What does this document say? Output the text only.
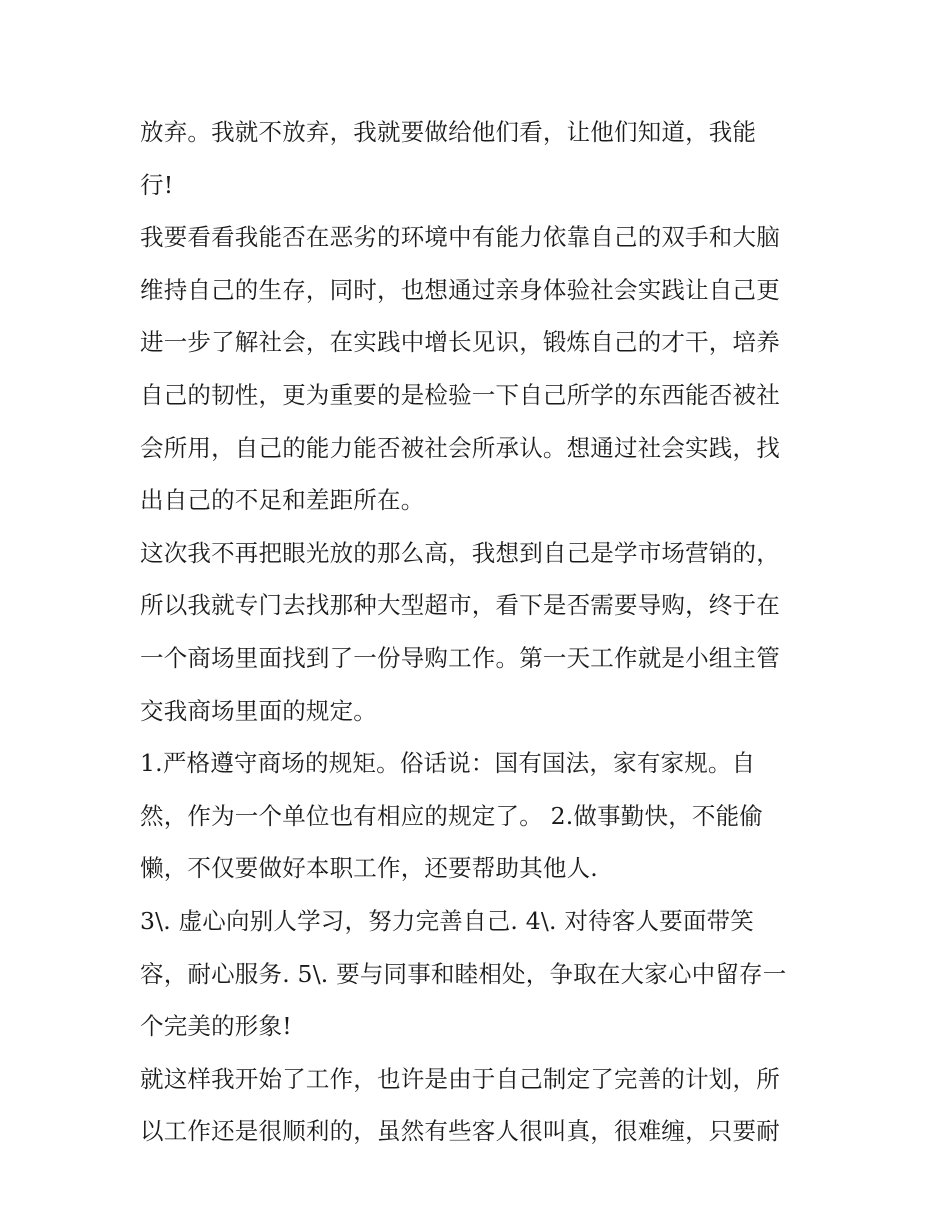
放弃。我就不放弃，我就要做给他们看，让他们知道，我能
行!
我要看看我能否在恶劣的环境中有能力依靠自己的双手和大脑
维持自己的生存，同时，也想通过亲身体验社会实践让自己更
进一步了解社会，在实践中增长见识，锻炼自己的才干，培养
自己的韧性，更为重要的是检验一下自己所学的东西能否被社
会所用，自己的能力能否被社会所承认。想通过社会实践，找
出自己的不足和差距所在。
这次我不再把眼光放的那么高，我想到自己是学市场营销的，
所以我就专门去找那种大型超市，看下是否需要导购，终于在
一个商场里面找到了一份导购工作。第一天工作就是小组主管
交我商场里面的规定。
1.严格遵守商场的规矩。俗话说：国有国法，家有家规。自
然，作为一个单位也有相应的规定了。 2.做事勤快，不能偷
懒，不仅要做好本职工作，还要帮助其他人.
3\. 虚心向别人学习，努力完善自己. 4\. 对待客人要面带笑
容，耐心服务. 5\. 要与同事和睦相处，争取在大家心中留存一
个完美的形象!
就这样我开始了工作，也许是由于自己制定了完善的计划，所
以工作还是很顺利的，虽然有些客人很叫真，很难缠，只要耐
